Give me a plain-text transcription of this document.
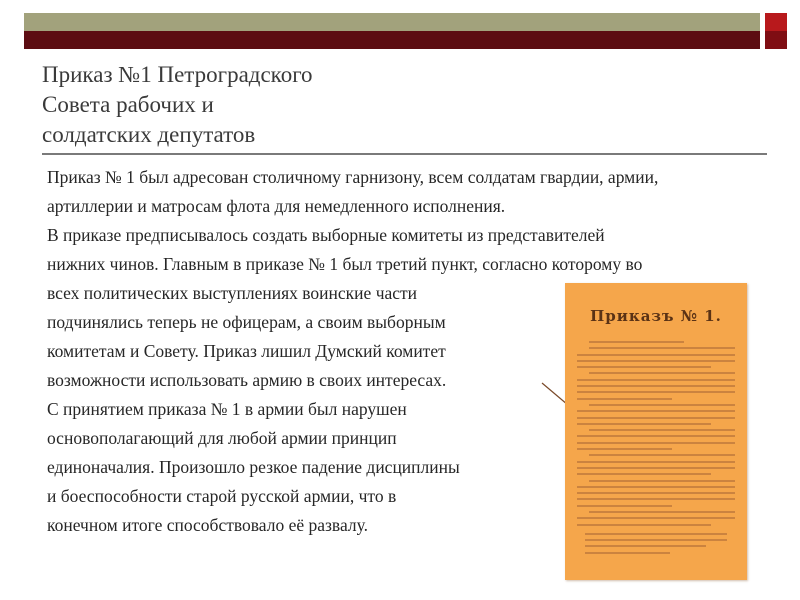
Приказ №1 Петроградского
Совета рабочих и
солдатских депутатов
Приказ № 1 был адресован столичному гарнизону, всем солдатам гвардии, армии,
артиллерии и матросам флота для немедленного исполнения.
В приказе предписывалось создать выборные комитеты из представителей
нижних чинов. Главным в приказе № 1 был третий пункт, согласно которому во
всех политических выступлениях воинские части
подчинялись теперь не офицерам, а своим выборным
комитетам и Совету. Приказ лишил Думский комитет
возможности использовать армию в своих интересах.
С принятием приказа № 1 в армии был нарушен
основополагающий для любой армии принцип
единоначалия. Произошло резкое падение дисциплины
и боеспособности старой русской армии, что в
конечном итоге способствовало её развалу.
Приказъ № 1.
